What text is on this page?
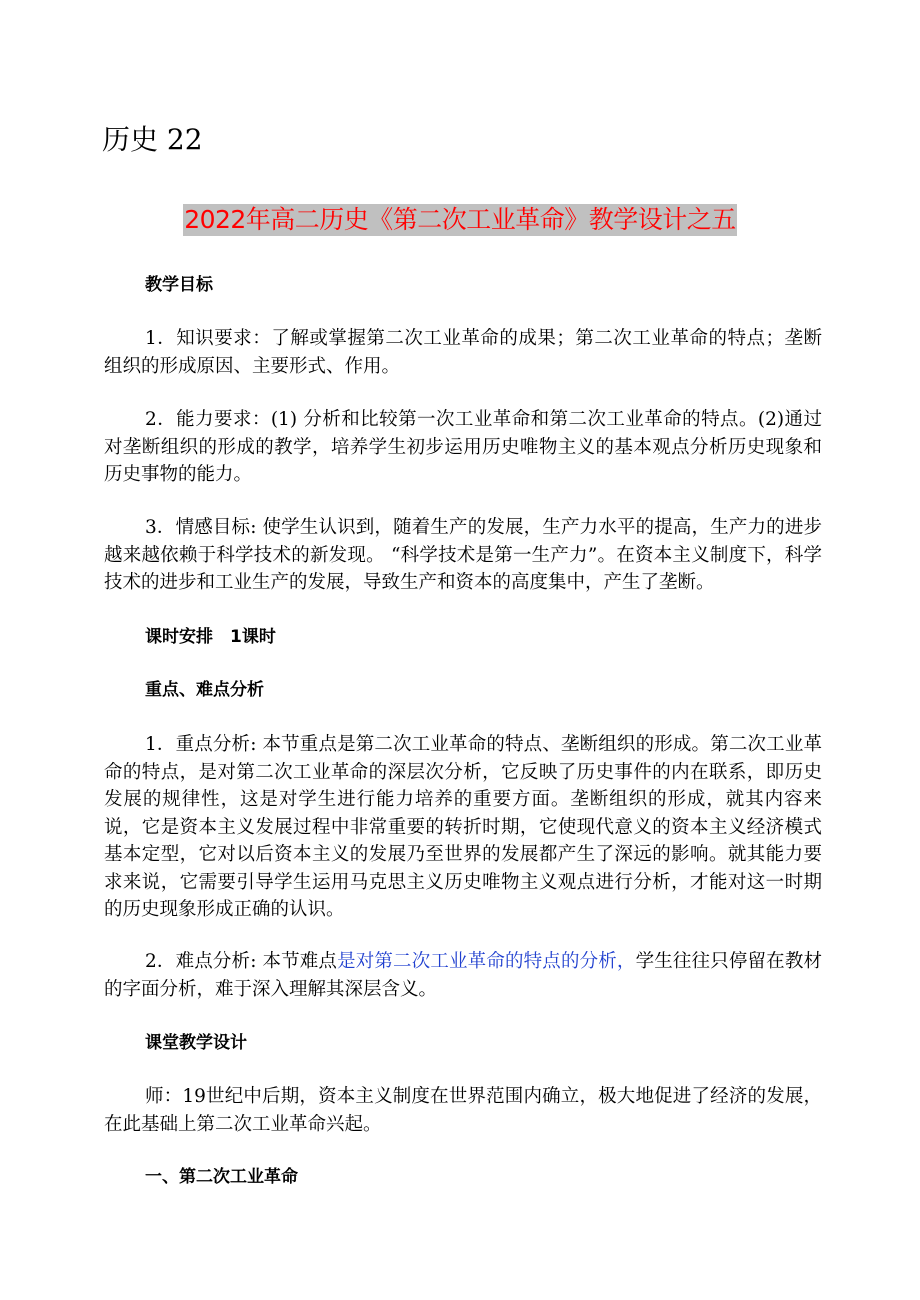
历史 22
2022年高二历史《第二次工业革命》教学设计之五
教学目标
1．知识要求：了解或掌握第二次工业革命的成果；第二次工业革命的特点；垄断组织的形成原因、主要形式、作用。
2．能力要求：(1) 分析和比较第一次工业革命和第二次工业革命的特点。(2)通过对垄断组织的形成的教学，培养学生初步运用历史唯物主义的基本观点分析历史现象和历史事物的能力。
3．情感目标: 使学生认识到，随着生产的发展，生产力水平的提高，生产力的进步越来越依赖于科学技术的新发现。 “科学技术是第一生产力”。在资本主义制度下，科学技术的进步和工业生产的发展，导致生产和资本的高度集中，产生了垄断。
课时安排　1课时
重点、难点分析
1．重点分析: 本节重点是第二次工业革命的特点、垄断组织的形成。第二次工业革命的特点，是对第二次工业革命的深层次分析，它反映了历史事件的内在联系，即历史发展的规律性，这是对学生进行能力培养的重要方面。垄断组织的形成，就其内容来说，它是资本主义发展过程中非常重要的转折时期，它使现代意义的资本主义经济模式基本定型，它对以后资本主义的发展乃至世界的发展都产生了深远的影响。就其能力要求来说，它需要引导学生运用马克思主义历史唯物主义观点进行分析，才能对这一时期的历史现象形成正确的认识。
2．难点分析: 本节难点是对第二次工业革命的特点的分析，学生往往只停留在教材的字面分析，难于深入理解其深层含义。
课堂教学设计
师：19世纪中后期，资本主义制度在世界范围内确立，极大地促进了经济的发展，在此基础上第二次工业革命兴起。
一、第二次工业革命
